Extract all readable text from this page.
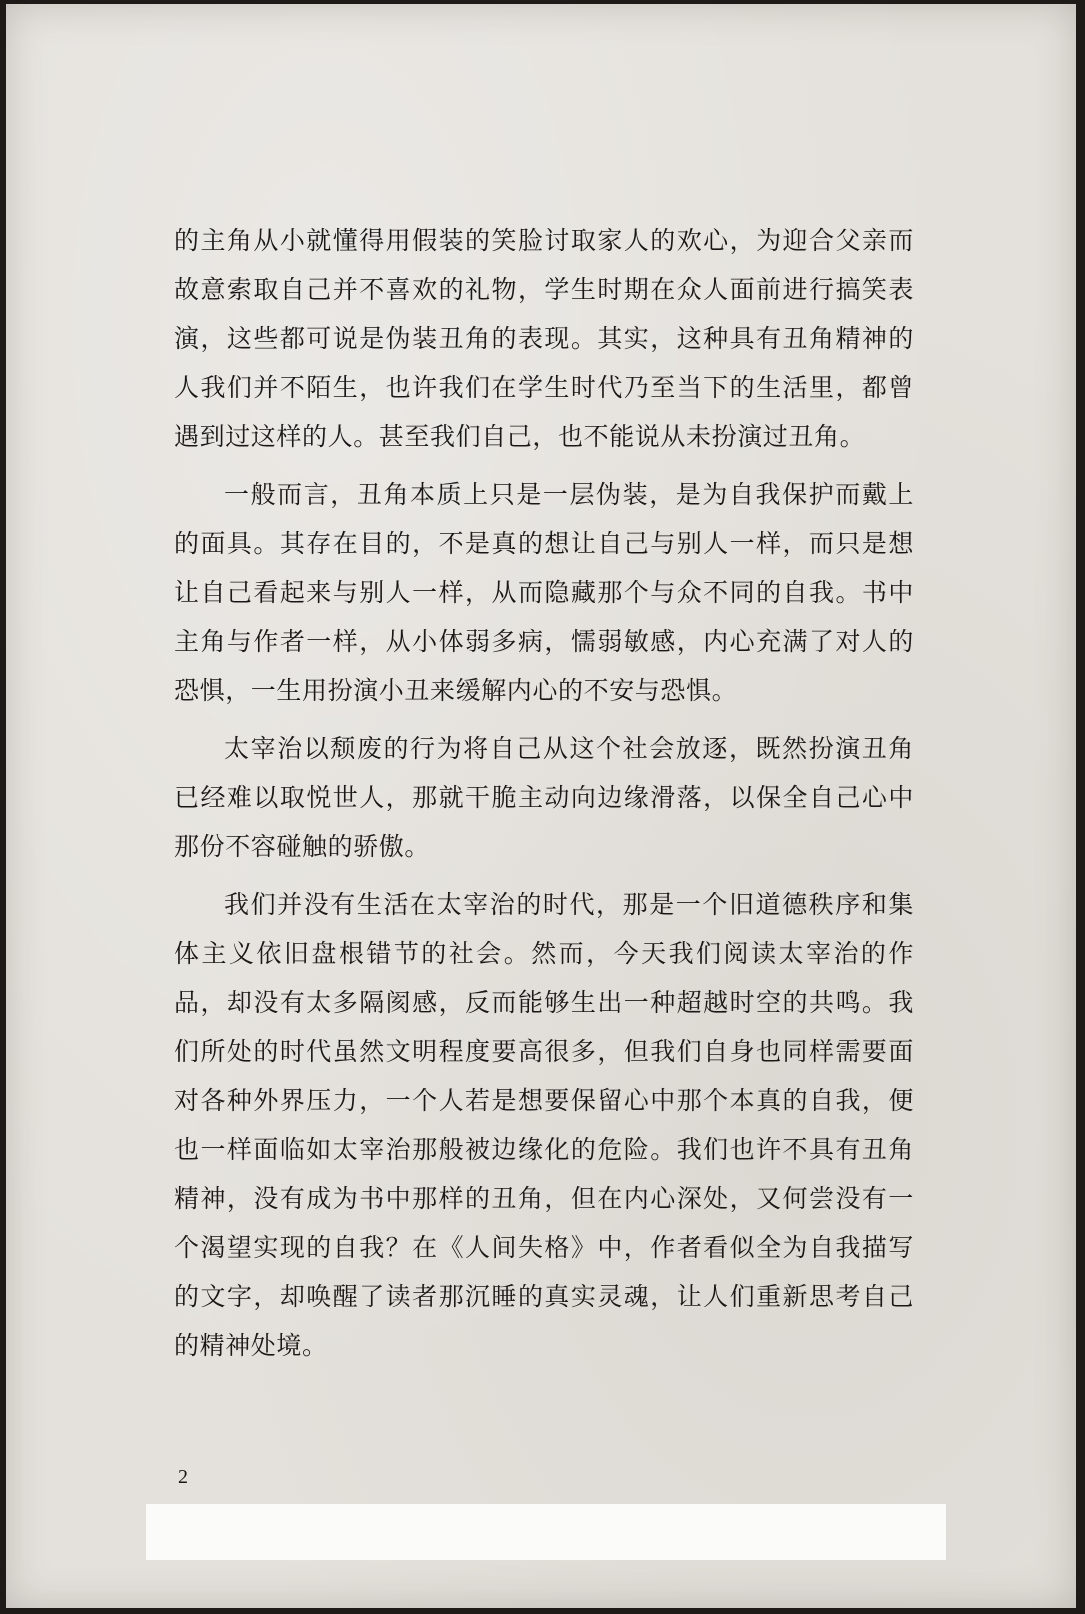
的主角从小就懂得用假装的笑脸讨取家人的欢心，为迎合父亲而故意索取自己并不喜欢的礼物，学生时期在众人面前进行搞笑表演，这些都可说是伪装丑角的表现。其实，这种具有丑角精神的人我们并不陌生，也许我们在学生时代乃至当下的生活里，都曾遇到过这样的人。甚至我们自己，也不能说从未扮演过丑角。

一般而言，丑角本质上只是一层伪装，是为自我保护而戴上的面具。其存在目的，不是真的想让自己与别人一样，而只是想让自己看起来与别人一样，从而隐藏那个与众不同的自我。书中主角与作者一样，从小体弱多病，懦弱敏感，内心充满了对人的恐惧，一生用扮演小丑来缓解内心的不安与恐惧。

太宰治以颓废的行为将自己从这个社会放逐，既然扮演丑角已经难以取悦世人，那就干脆主动向边缘滑落，以保全自己心中那份不容碰触的骄傲。

我们并没有生活在太宰治的时代，那是一个旧道德秩序和集体主义依旧盘根错节的社会。然而，今天我们阅读太宰治的作品，却没有太多隔阂感，反而能够生出一种超越时空的共鸣。我们所处的时代虽然文明程度要高很多，但我们自身也同样需要面对各种外界压力，一个人若是想要保留心中那个本真的自我，便也一样面临如太宰治那般被边缘化的危险。我们也许不具有丑角精神，没有成为书中那样的丑角，但在内心深处，又何尝没有一个渴望实现的自我？在《人间失格》中，作者看似全为自我描写的文字，却唤醒了读者那沉睡的真实灵魂，让人们重新思考自己的精神处境。

2
